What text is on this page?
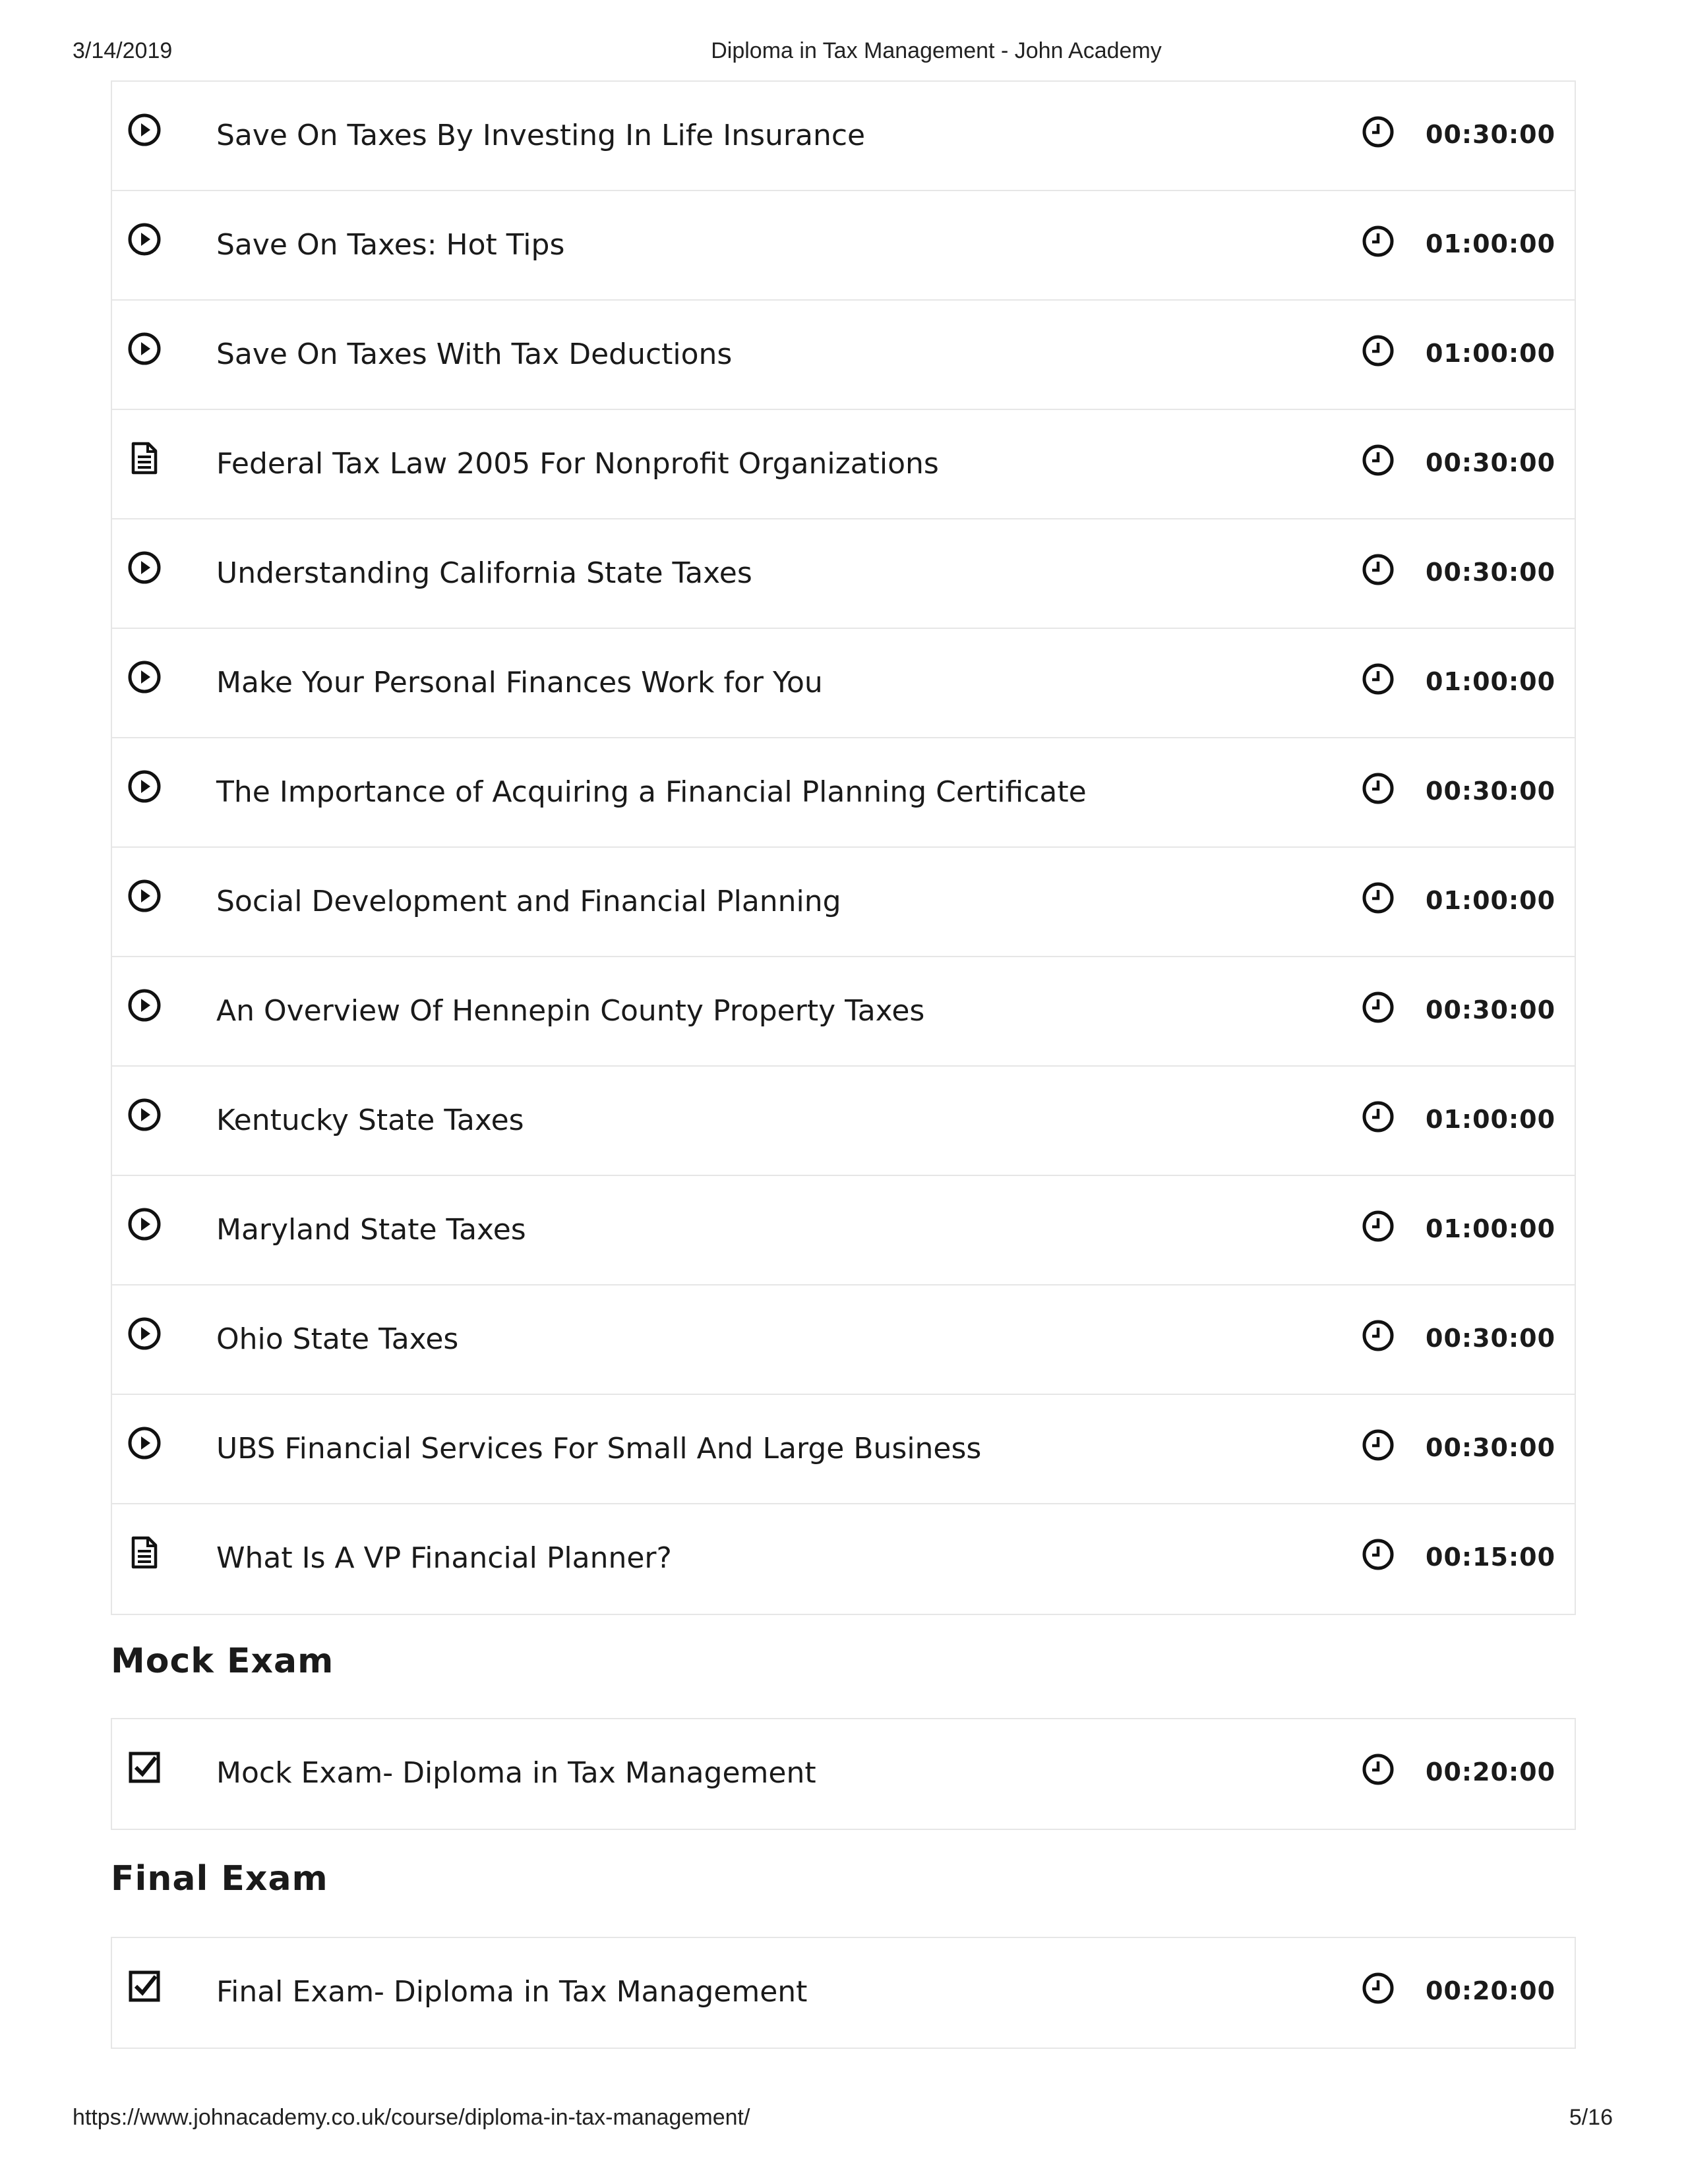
3/14/2019	Diploma in Tax Management - John Academy
Save On Taxes By Investing In Life Insurance	00:30:00
Save On Taxes: Hot Tips	01:00:00
Save On Taxes With Tax Deductions	01:00:00
Federal Tax Law 2005 For Nonprofit Organizations	00:30:00
Understanding California State Taxes	00:30:00
Make Your Personal Finances Work for You	01:00:00
The Importance of Acquiring a Financial Planning Certificate	00:30:00
Social Development and Financial Planning	01:00:00
An Overview Of Hennepin County Property Taxes	00:30:00
Kentucky State Taxes	01:00:00
Maryland State Taxes	01:00:00
Ohio State Taxes	00:30:00
UBS Financial Services For Small And Large Business	00:30:00
What Is A VP Financial Planner?	00:15:00
Mock Exam
Mock Exam- Diploma in Tax Management	00:20:00
Final Exam
Final Exam- Diploma in Tax Management	00:20:00
https://www.johnacademy.co.uk/course/diploma-in-tax-management/	5/16
